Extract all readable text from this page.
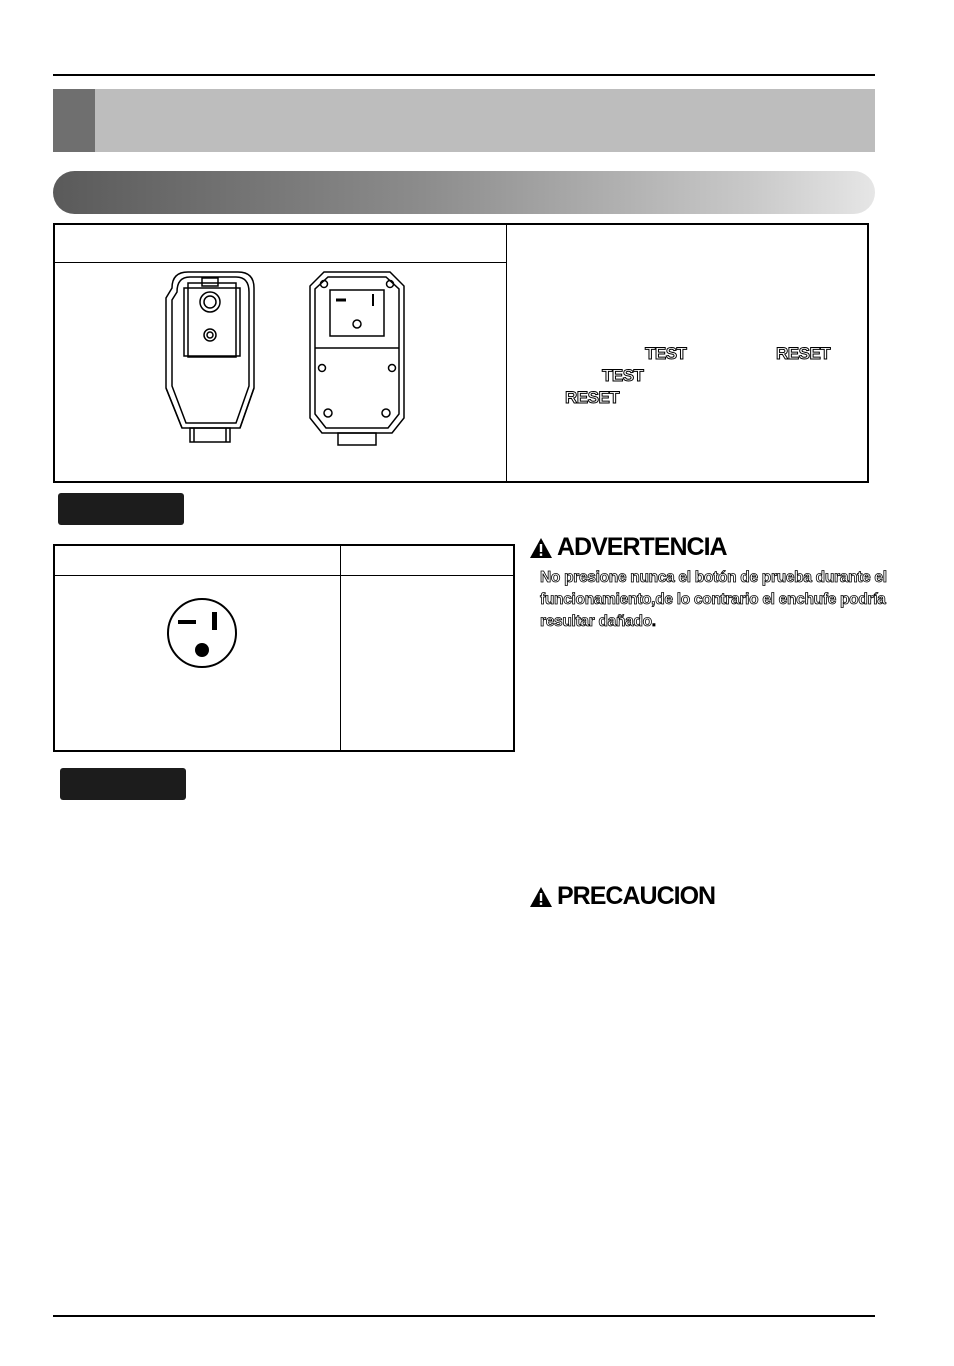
TEST	RESET
TEST
RESET
ADVERTENCIA
No presione nunca el botón de prueba durante el funcionamiento,de lo contrario el enchufe podría resultar dañado.
PRECAUCION
